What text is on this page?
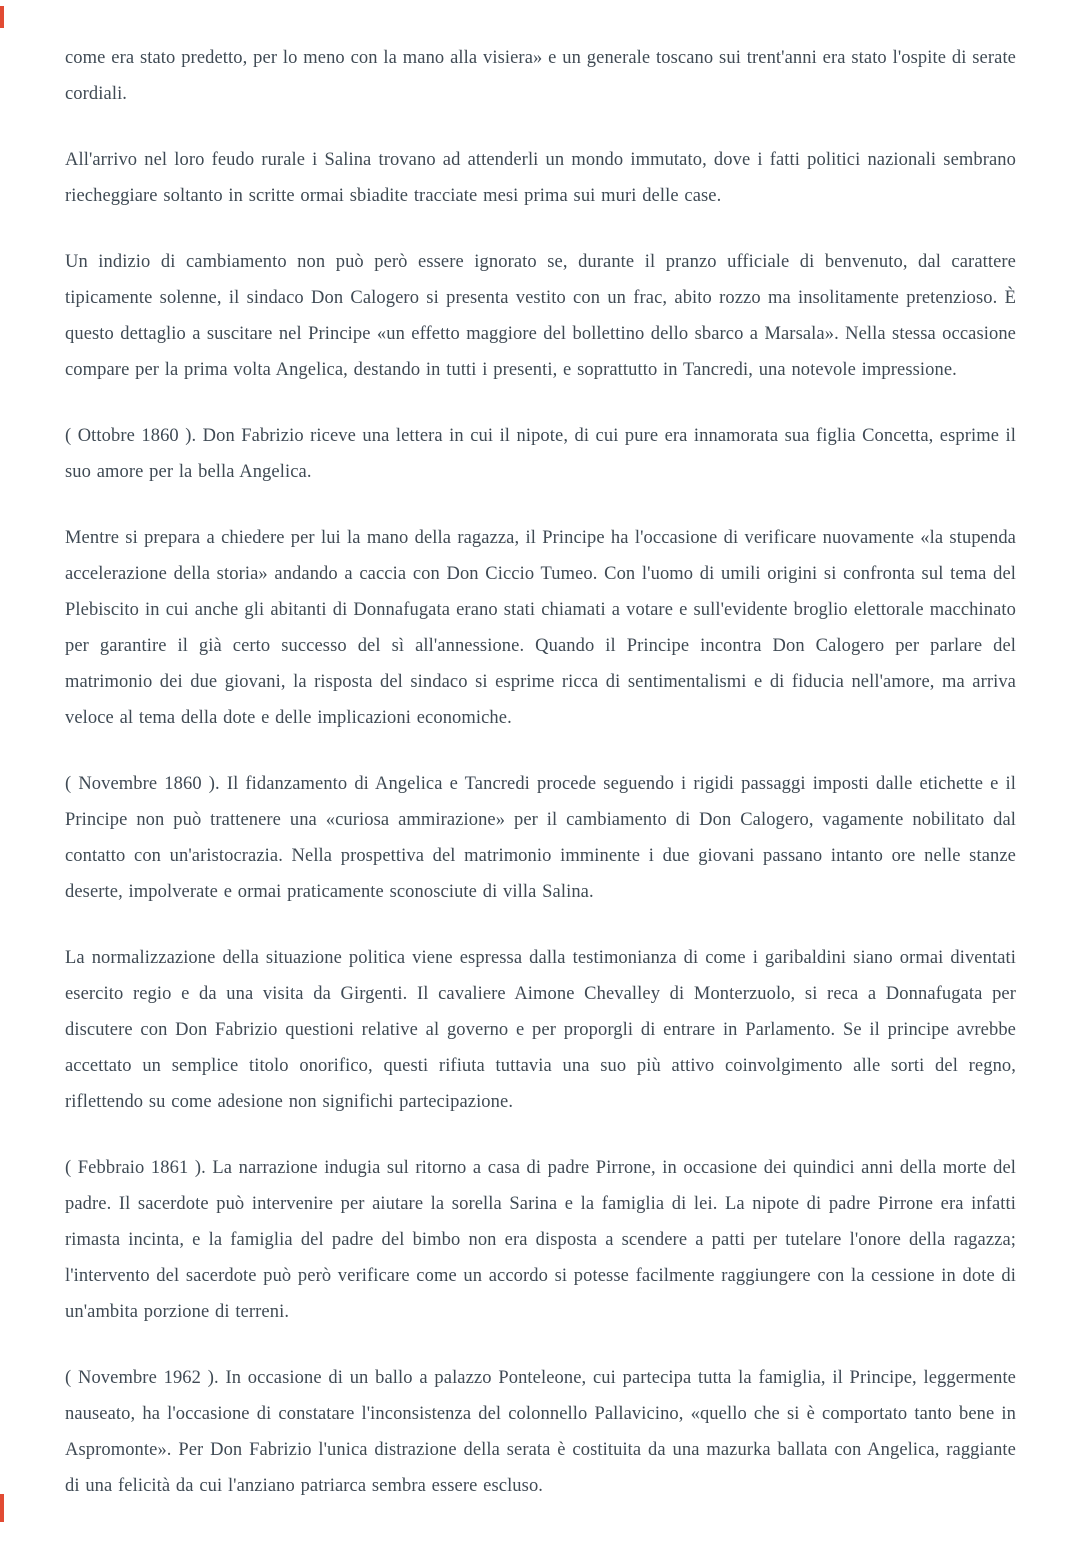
come era stato predetto, per lo meno con la mano alla visiera» e un generale toscano sui trent'anni era stato l'ospite di serate cordiali.

All'arrivo nel loro feudo rurale i Salina trovano ad attenderli un mondo immutato, dove i fatti politici nazionali sembrano riecheggiare soltanto in scritte ormai sbiadite tracciate mesi prima sui muri delle case.

Un indizio di cambiamento non può però essere ignorato se, durante il pranzo ufficiale di benvenuto, dal carattere tipicamente solenne, il sindaco Don Calogero si presenta vestito con un frac, abito rozzo ma insolitamente pretenzioso. È questo dettaglio a suscitare nel Principe «un effetto maggiore del bollettino dello sbarco a Marsala». Nella stessa occasione compare per la prima volta Angelica, destando in tutti i presenti, e soprattutto in Tancredi, una notevole impressione.

( Ottobre 1860 ). Don Fabrizio riceve una lettera in cui il nipote, di cui pure era innamorata sua figlia Concetta, esprime il suo amore per la bella Angelica.

Mentre si prepara a chiedere per lui la mano della ragazza, il Principe ha l'occasione di verificare nuovamente «la stupenda accelerazione della storia» andando a caccia con Don Ciccio Tumeo. Con l'uomo di umili origini si confronta sul tema del Plebiscito in cui anche gli abitanti di Donnafugata erano stati chiamati a votare e sull'evidente broglio elettorale macchinato per garantire il già certo successo del sì all'annessione. Quando il Principe incontra Don Calogero per parlare del matrimonio dei due giovani, la risposta del sindaco si esprime ricca di sentimentalismi e di fiducia nell'amore, ma arriva veloce al tema della dote e delle implicazioni economiche.

( Novembre 1860 ). Il fidanzamento di Angelica e Tancredi procede seguendo i rigidi passaggi imposti dalle etichette e il Principe non può trattenere una «curiosa ammirazione» per il cambiamento di Don Calogero, vagamente nobilitato dal contatto con un'aristocrazia. Nella prospettiva del matrimonio imminente i due giovani passano intanto ore nelle stanze deserte, impolverate e ormai praticamente sconosciute di villa Salina.

La normalizzazione della situazione politica viene espressa dalla testimonianza di come i garibaldini siano ormai diventati esercito regio e da una visita da Girgenti. Il cavaliere Aimone Chevalley di Monterzuolo, si reca a Donnafugata per discutere con Don Fabrizio questioni relative al governo e per proporgli di entrare in Parlamento. Se il principe avrebbe accettato un semplice titolo onorifico, questi rifiuta tuttavia una suo più attivo coinvolgimento alle sorti del regno, riflettendo su come adesione non significhi partecipazione.

( Febbraio 1861 ). La narrazione indugia sul ritorno a casa di padre Pirrone, in occasione dei quindici anni della morte del padre. Il sacerdote può intervenire per aiutare la sorella Sarina e la famiglia di lei. La nipote di padre Pirrone era infatti rimasta incinta, e la famiglia del padre del bimbo non era disposta a scendere a patti per tutelare l'onore della ragazza; l'intervento del sacerdote può però verificare come un accordo si potesse facilmente raggiungere con la cessione in dote di un'ambita porzione di terreni.

( Novembre 1962 ). In occasione di un ballo a palazzo Ponteleone, cui partecipa tutta la famiglia, il Principe, leggermente nauseato, ha l'occasione di constatare l'inconsistenza del colonnello Pallavicino, «quello che si è comportato tanto bene in Aspromonte». Per Don Fabrizio l'unica distrazione della serata è costituita da una mazurka ballata con Angelica, raggiante di una felicità da cui l'anziano patriarca sembra essere escluso.
